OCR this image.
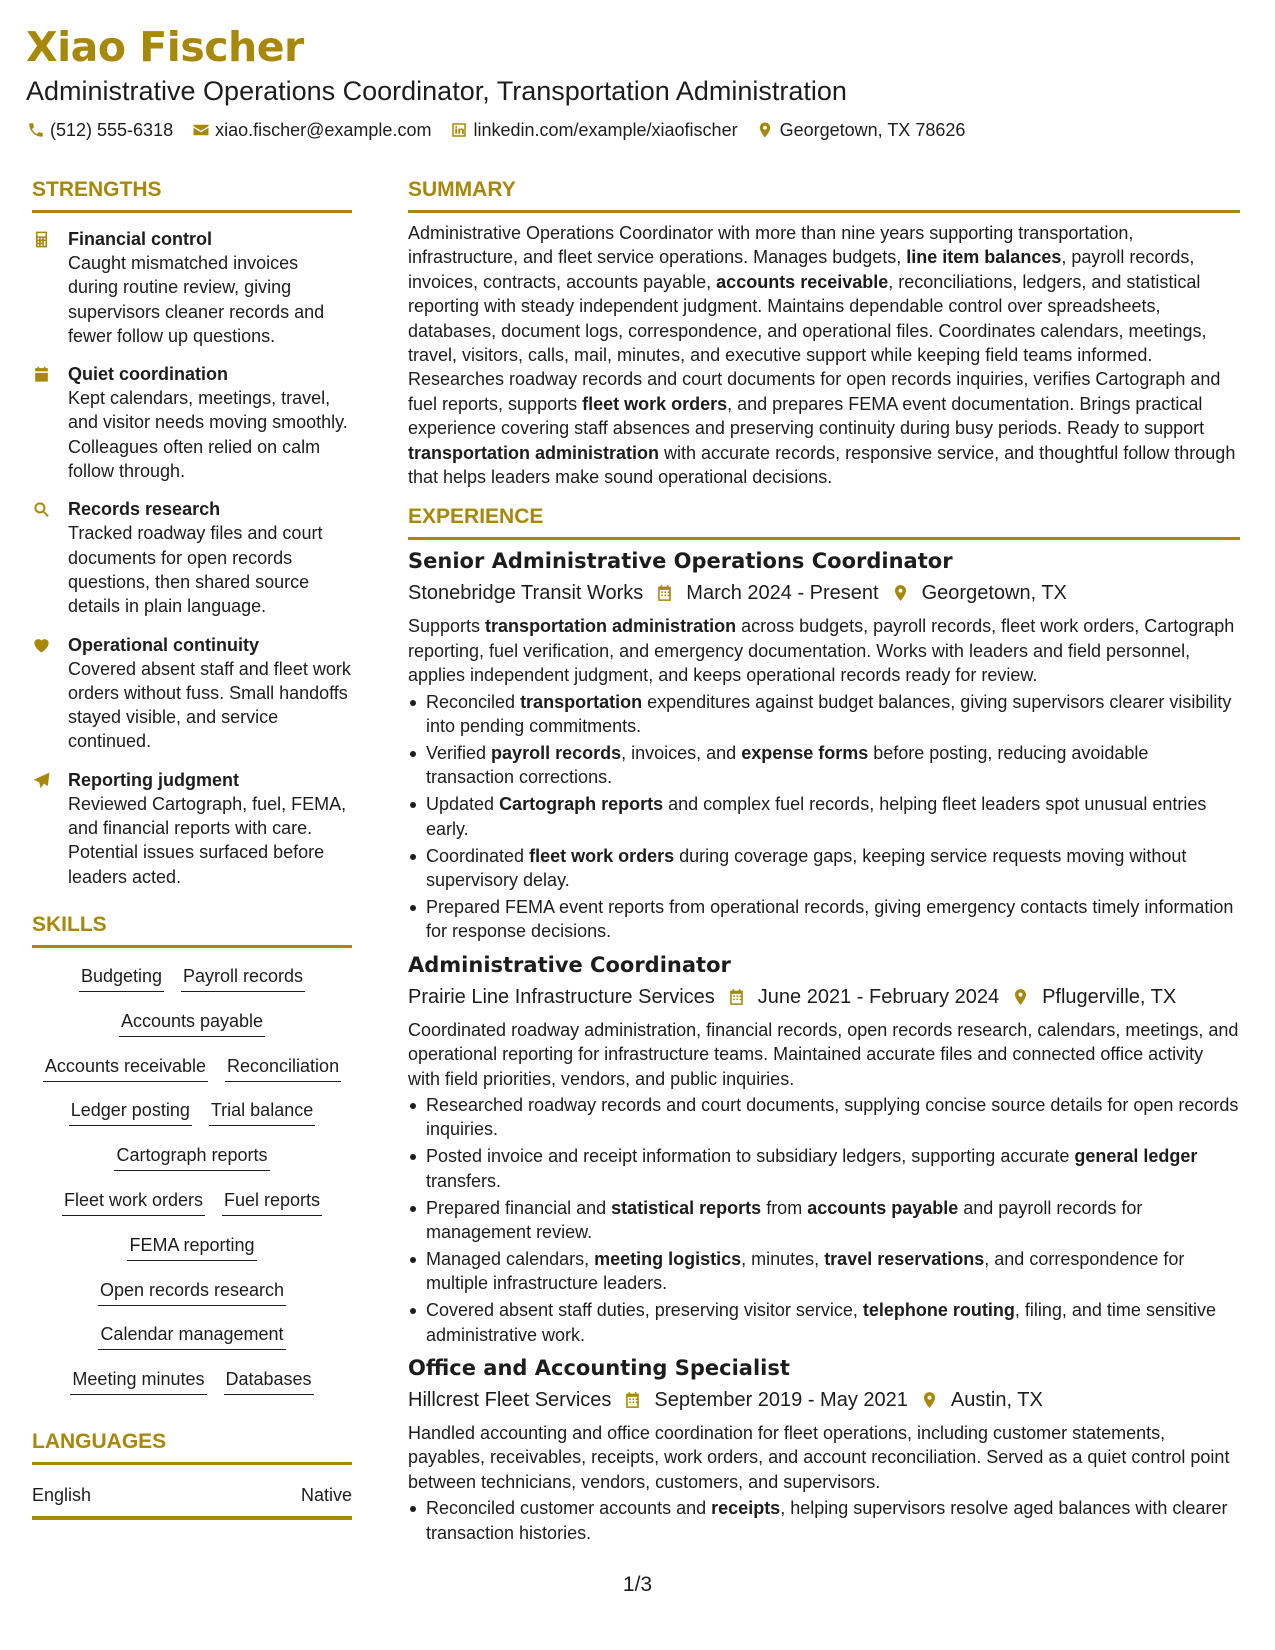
Xiao Fischer
Administrative Operations Coordinator, Transportation Administration
(512) 555-6318 xiao.fischer@example.com linkedin.com/example/xiaofischer Georgetown, TX 78626
STRENGTHS
Financial control
Caught mismatched invoices during routine review, giving supervisors cleaner records and fewer follow up questions.
Quiet coordination
Kept calendars, meetings, travel, and visitor needs moving smoothly. Colleagues often relied on calm follow through.
Records research
Tracked roadway files and court documents for open records questions, then shared source details in plain language.
Operational continuity
Covered absent staff and fleet work orders without fuss. Small handoffs stayed visible, and service continued.
Reporting judgment
Reviewed Cartograph, fuel, FEMA, and financial reports with care. Potential issues surfaced before leaders acted.
SKILLS
Budgeting Payroll records
Accounts payable
Accounts receivable Reconciliation
Ledger posting Trial balance
Cartograph reports
Fleet work orders Fuel reports
FEMA reporting
Open records research
Calendar management
Meeting minutes Databases
LANGUAGES
English	Native
SUMMARY
Administrative Operations Coordinator with more than nine years supporting transportation, infrastructure, and fleet service operations. Manages budgets, line item balances, payroll records, invoices, contracts, accounts payable, accounts receivable, reconciliations, ledgers, and statistical reporting with steady independent judgment. Maintains dependable control over spreadsheets, databases, document logs, correspondence, and operational files. Coordinates calendars, meetings, travel, visitors, calls, mail, minutes, and executive support while keeping field teams informed. Researches roadway records and court documents for open records inquiries, verifies Cartograph and fuel reports, supports fleet work orders, and prepares FEMA event documentation. Brings practical experience covering staff absences and preserving continuity during busy periods. Ready to support transportation administration with accurate records, responsive service, and thoughtful follow through that helps leaders make sound operational decisions.
EXPERIENCE
Senior Administrative Operations Coordinator
Stonebridge Transit Works March 2024 - Present Georgetown, TX
Supports transportation administration across budgets, payroll records, fleet work orders, Cartograph reporting, fuel verification, and emergency documentation. Works with leaders and field personnel, applies independent judgment, and keeps operational records ready for review.
Reconciled transportation expenditures against budget balances, giving supervisors clearer visibility into pending commitments.
Verified payroll records, invoices, and expense forms before posting, reducing avoidable transaction corrections.
Updated Cartograph reports and complex fuel records, helping fleet leaders spot unusual entries early.
Coordinated fleet work orders during coverage gaps, keeping service requests moving without supervisory delay.
Prepared FEMA event reports from operational records, giving emergency contacts timely information for response decisions.
Administrative Coordinator
Prairie Line Infrastructure Services June 2021 - February 2024 Pflugerville, TX
Coordinated roadway administration, financial records, open records research, calendars, meetings, and operational reporting for infrastructure teams. Maintained accurate files and connected office activity with field priorities, vendors, and public inquiries.
Researched roadway records and court documents, supplying concise source details for open records inquiries.
Posted invoice and receipt information to subsidiary ledgers, supporting accurate general ledger transfers.
Prepared financial and statistical reports from accounts payable and payroll records for management review.
Managed calendars, meeting logistics, minutes, travel reservations, and correspondence for multiple infrastructure leaders.
Covered absent staff duties, preserving visitor service, telephone routing, filing, and time sensitive administrative work.
Office and Accounting Specialist
Hillcrest Fleet Services September 2019 - May 2021 Austin, TX
Handled accounting and office coordination for fleet operations, including customer statements, payables, receivables, receipts, work orders, and account reconciliation. Served as a quiet control point between technicians, vendors, customers, and supervisors.
Reconciled customer accounts and receipts, helping supervisors resolve aged balances with clearer transaction histories.
1/3
